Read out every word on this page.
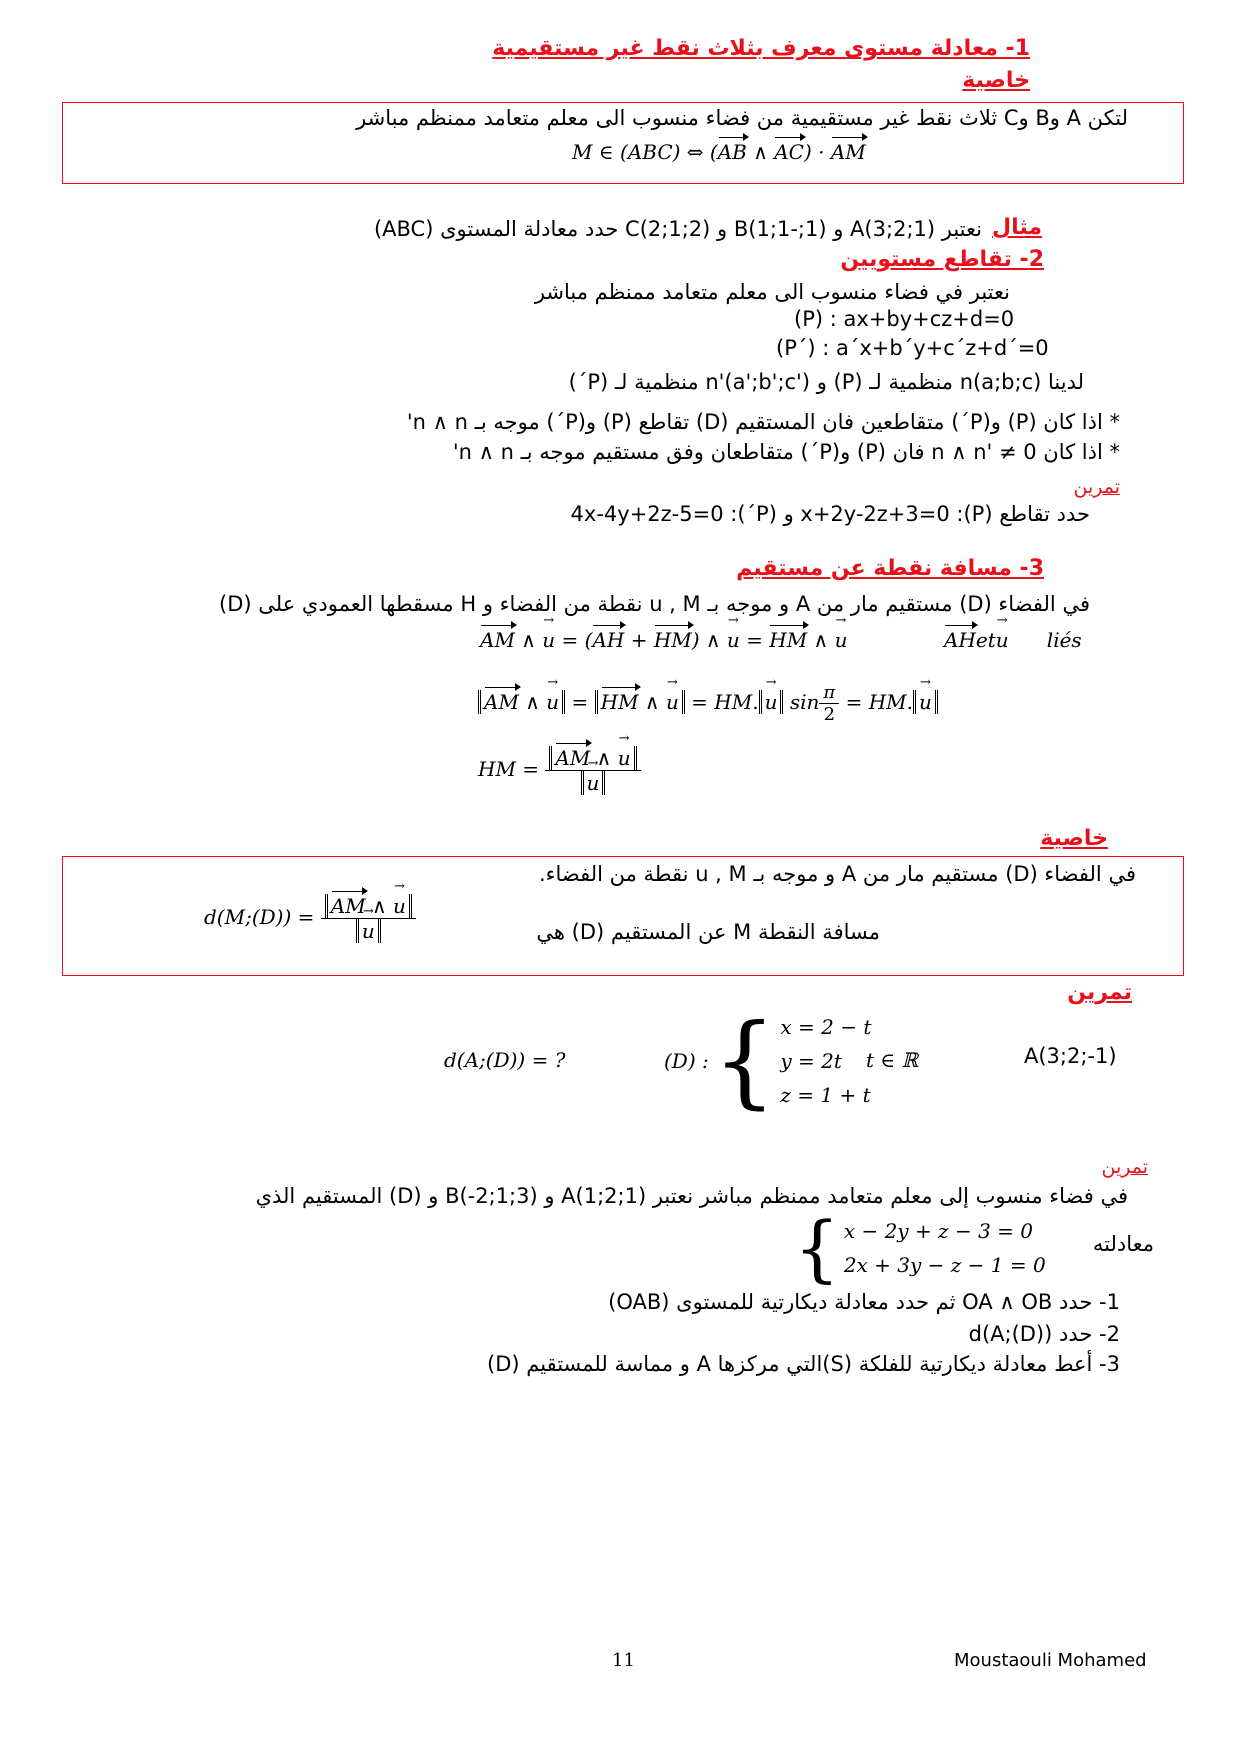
1- معادلة مستوى معرف بثلاث نقط غير مستقيمية
خاصية
لتكن A وB وC ثلاث نقط غير مستقيمية من فضاء منسوب الى معلم متعامد ممنظم مباشر
M ∈ (ABC) ⇔ (AB ∧ AC) · AM
مثال
نعتبر (1;2;3)A و (1;-1;1)B و (2;1;2)C حدد معادلة المستوى (ABC)
2- تقاطع مستويين
نعتبر في فضاء منسوب الى معلم متعامد ممنظم مباشر
(P) : ax+by+cz+d=0
(P´) : a´x+b´y+c´z+d´=0
لدينا n(a;b;c) منظمية لـ (P) و n'(a';b';c') منظمية لـ (P´)
* اذا كان (P) و(P´) متقاطعين فان المستقيم (D) تقاطع (P) و(P´) موجه بـ n ∧ n'
* اذا كان n ∧ n' ≠ 0 فان (P) و(P´) متقاطعان وفق مستقيم موجه بـ n ∧ n'
تمرين
حدد تقاطع (P): x+2y-2z+3=0 و (P´): 4x-4y+2z-5=0
3- مسافة نقطة عن مستقيم
في الفضاء (D) مستقيم مار من A و موجه بـ u , M نقطة من الفضاء و H مسقطها العمودي على (D)
AM ∧ u → = (AH + HM) ∧ u → = HM ∧ u →	AHetu →      liés
AM ∧ u → = HM ∧ u → = HM. $u \to \sin \frac{\pi}{2}$ = HM. u →
HM = $\frac{AM \wedge u \to}{u}$ →
خاصية
في الفضاء (D) مستقيم مار من A و موجه بـ u , M نقطة من الفضاء.
مسافة النقطة M عن المستقيم (D) هي
d(M;(D)) = $\frac{AM \wedge u \to}{u}$ →
تمرين
A(3;2;-1)
(D) : { x = 2 − t
y = 2t
z = 1 + t
t ∈ ℝ
d(A;(D)) = ?
تمرين
في فضاء منسوب إلى معلم متعامد ممنظم مباشر نعتبر A(1;2;1) و B(-2;1;3) و (D) المستقيم الذي
معادلته
{ x − 2y + z − 3 = 0
2x + 3y − z − 1 = 0
1- حدد OA ∧ OB ثم حدد معادلة ديكارتية للمستوى (OAB)
2- حدد d(A;(D))
3- أعط معادلة ديكارتية للفلكة (S)التي مركزها A و مماسة للمستقيم (D)
11	Moustaouli Mohamed
